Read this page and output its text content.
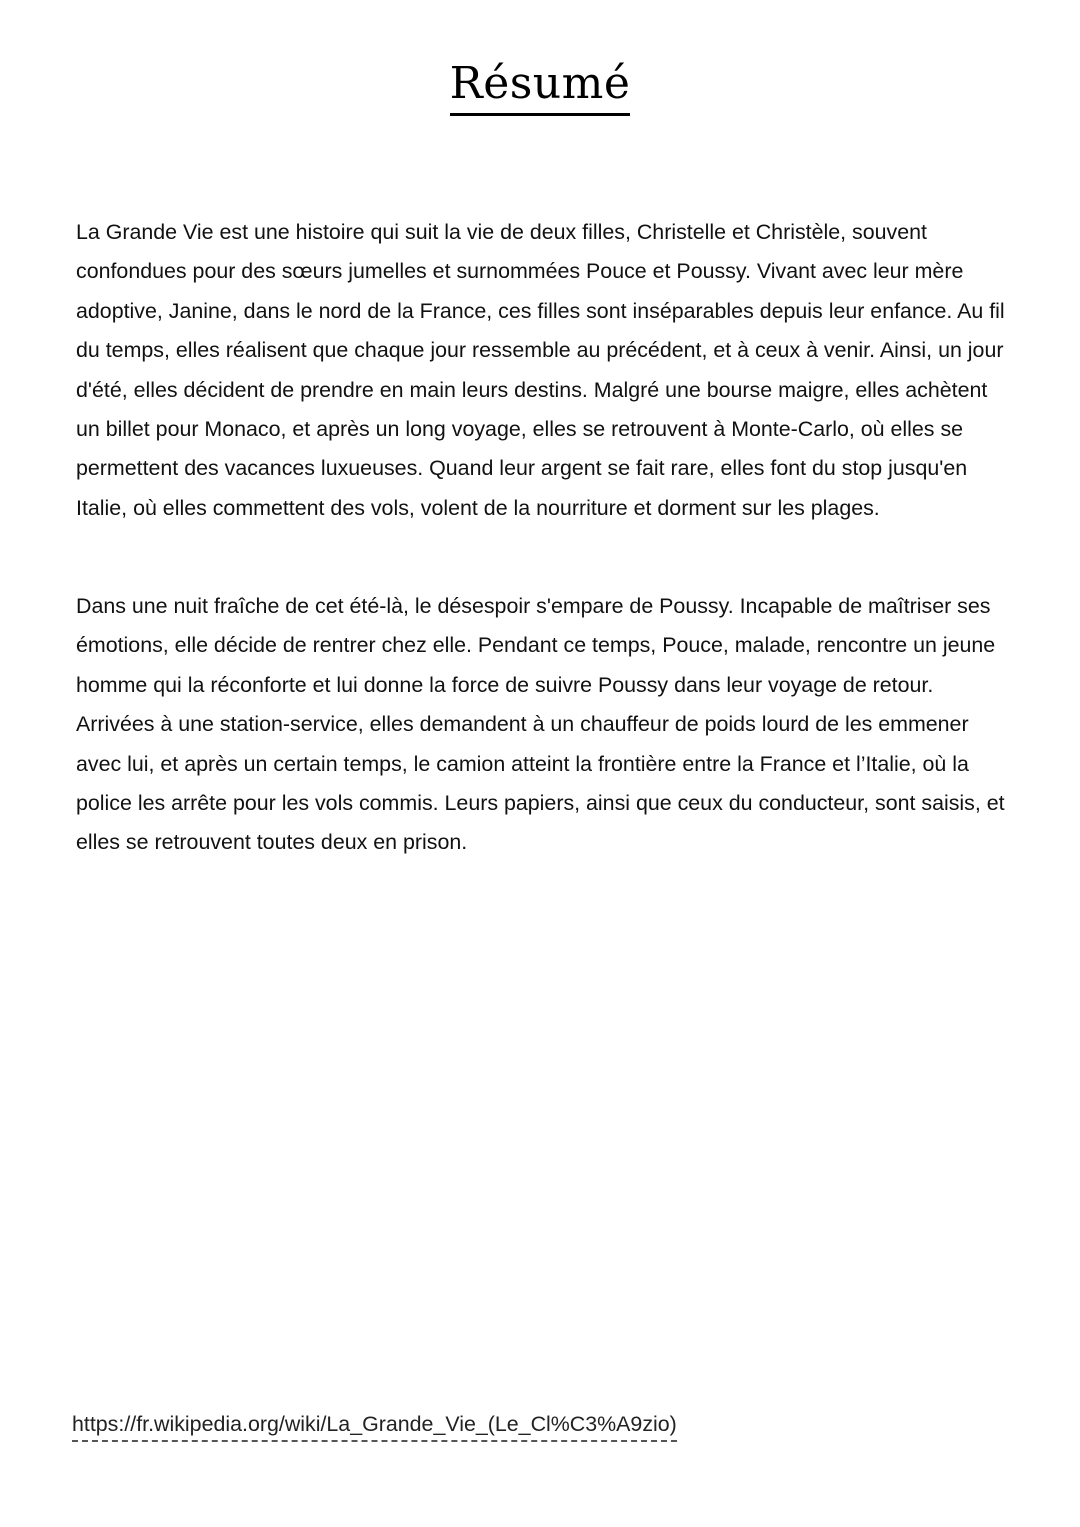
Résumé

La Grande Vie est une histoire qui suit la vie de deux filles, Christelle et Christèle, souvent confondues pour des sœurs jumelles et surnommées Pouce et Poussy. Vivant avec leur mère adoptive, Janine, dans le nord de la France, ces filles sont inséparables depuis leur enfance. Au fil du temps, elles réalisent que chaque jour ressemble au précédent, et à ceux à venir. Ainsi, un jour d'été, elles décident de prendre en main leurs destins. Malgré une bourse maigre, elles achètent un billet pour Monaco, et après un long voyage, elles se retrouvent à Monte-Carlo, où elles se permettent des vacances luxueuses. Quand leur argent se fait rare, elles font du stop jusqu'en Italie, où elles commettent des vols, volent de la nourriture et dorment sur les plages.

Dans une nuit fraîche de cet été-là, le désespoir s'empare de Poussy. Incapable de maîtriser ses émotions, elle décide de rentrer chez elle. Pendant ce temps, Pouce, malade, rencontre un jeune homme qui la réconforte et lui donne la force de suivre Poussy dans leur voyage de retour. Arrivées à une station-service, elles demandent à un chauffeur de poids lourd de les emmener avec lui, et après un certain temps, le camion atteint la frontière entre la France et l’Italie, où la police les arrête pour les vols commis. Leurs papiers, ainsi que ceux du conducteur, sont saisis, et elles se retrouvent toutes deux en prison.

https://fr.wikipedia.org/wiki/La_Grande_Vie_(Le_Cl%C3%A9zio)
